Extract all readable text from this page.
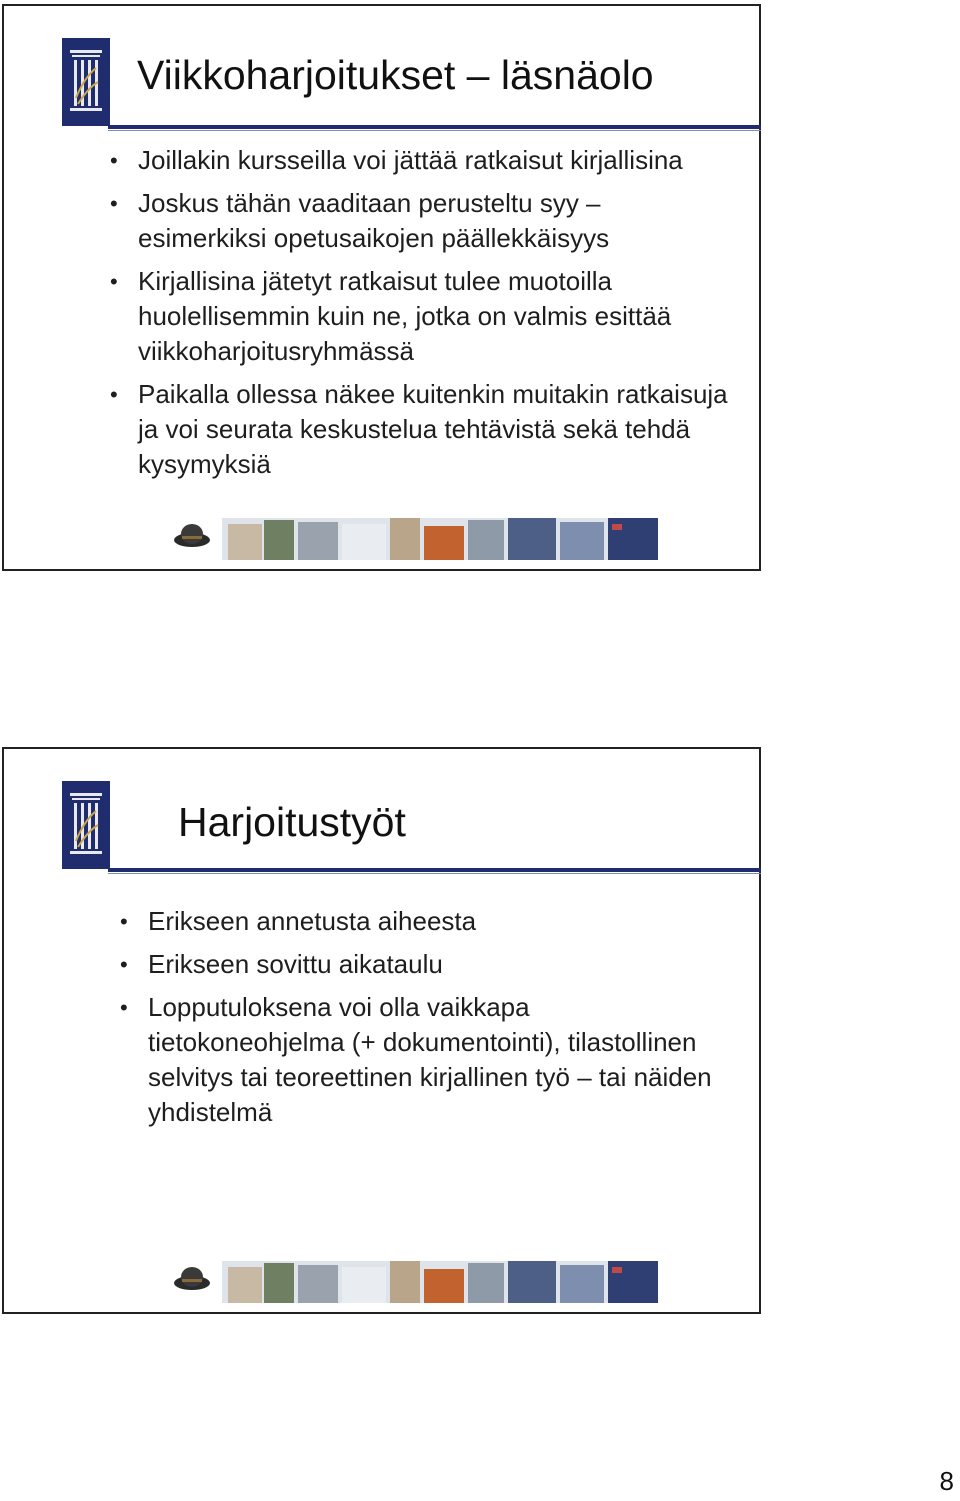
Viikkoharjoitukset – läsnäolo
• Joillakin kursseilla voi jättää ratkaisut kirjallisina
• Joskus tähän vaaditaan perusteltu syy – esimerkiksi opetusaikojen päällekkäisyys
• Kirjallisina jätetyt ratkaisut tulee muotoilla huolellisemmin kuin ne, jotka on valmis esittää viikkoharjoitusryhmässä
• Paikalla ollessa näkee kuitenkin muitakin ratkaisuja ja voi seurata keskustelua tehtävistä sekä tehdä kysymyksiä
Harjoitustyöt
• Erikseen annetusta aiheesta
• Erikseen sovittu aikataulu
• Lopputuloksena voi olla vaikkapa tietokoneohjelma (+ dokumentointi), tilastollinen selvitys tai teoreettinen kirjallinen työ – tai näiden yhdistelmä
8
